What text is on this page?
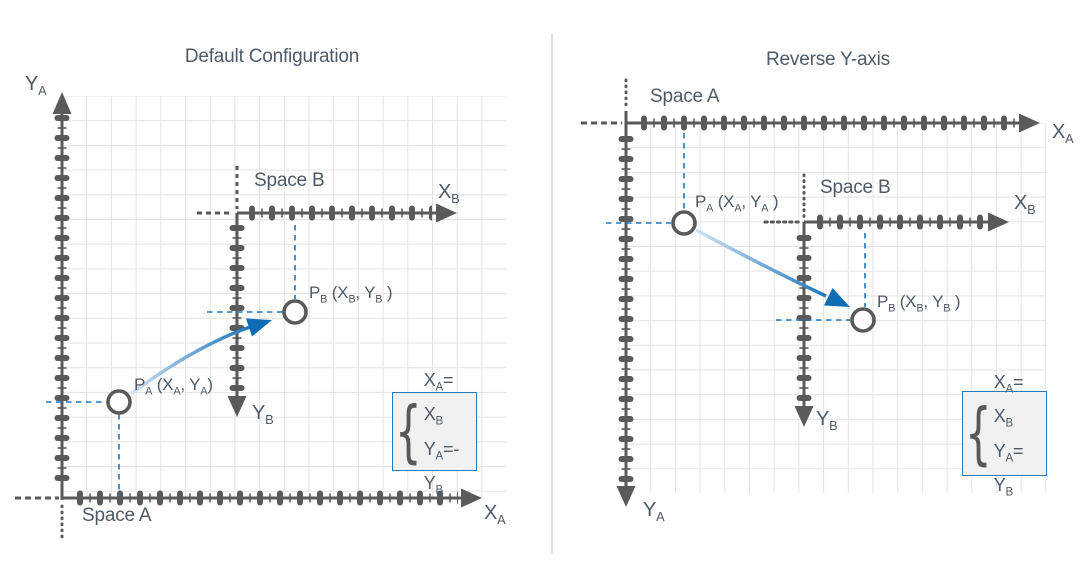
Default Configuration
$Y_A$
$X_A$
Space A
Space B
$X_B$
$Y_B$
$P_A$ ($X_A$, $Y_A$)
$P_B$ ($X_B$, $Y_B$ )
{
$X_A= X_B$
$Y_A=-Y_B$
Reverse Y-axis
Space A
$X_A$
$Y_A$
Space B
$X_B$
$Y_B$
$P_A$ ($X_A$, $Y_A$ )
$P_B$ ($X_B$, $Y_B$ )
{
$X_A= X_B$
$Y_A= Y_B$
